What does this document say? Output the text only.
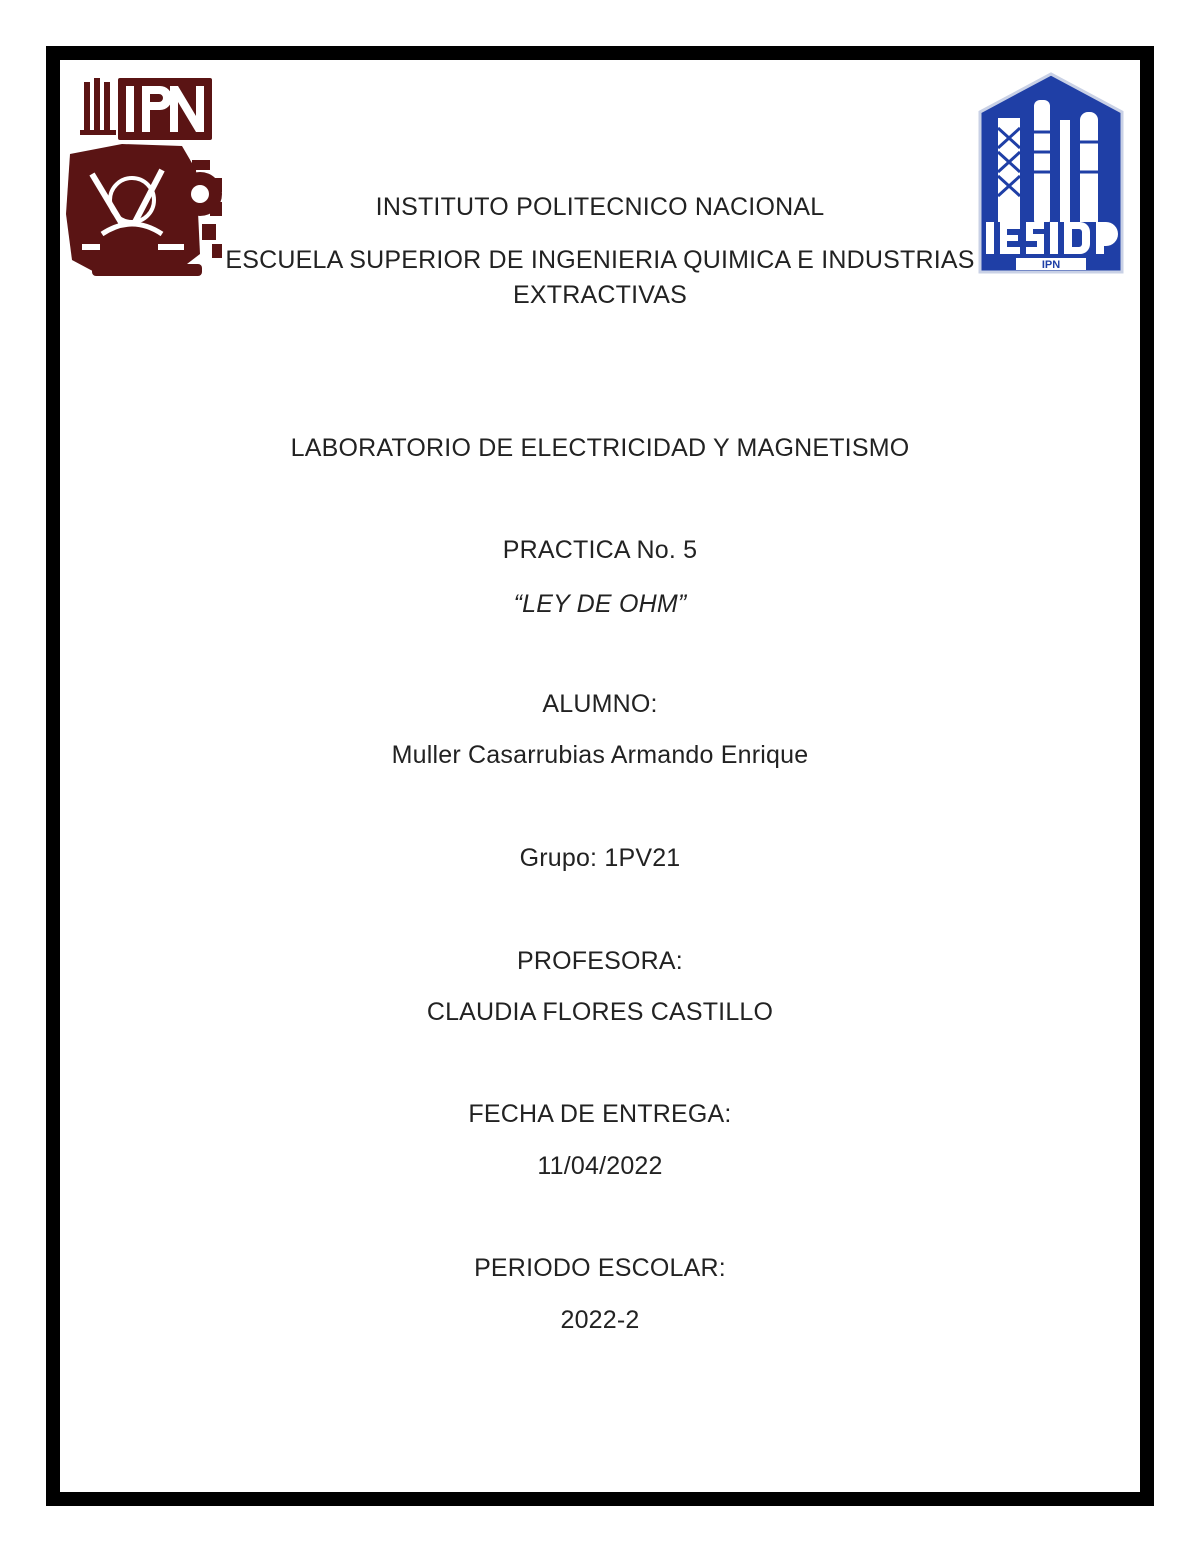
IPN
INSTITUTO POLITECNICO NACIONAL
ESCUELA SUPERIOR DE INGENIERIA QUIMICA E INDUSTRIAS
EXTRACTIVAS
LABORATORIO DE ELECTRICIDAD Y MAGNETISMO
PRACTICA No. 5
“LEY DE OHM”
ALUMNO:
Muller Casarrubias Armando Enrique
Grupo: 1PV21
PROFESORA:
CLAUDIA FLORES CASTILLO
FECHA DE ENTREGA:
11/04/2022
PERIODO ESCOLAR:
2022-2
